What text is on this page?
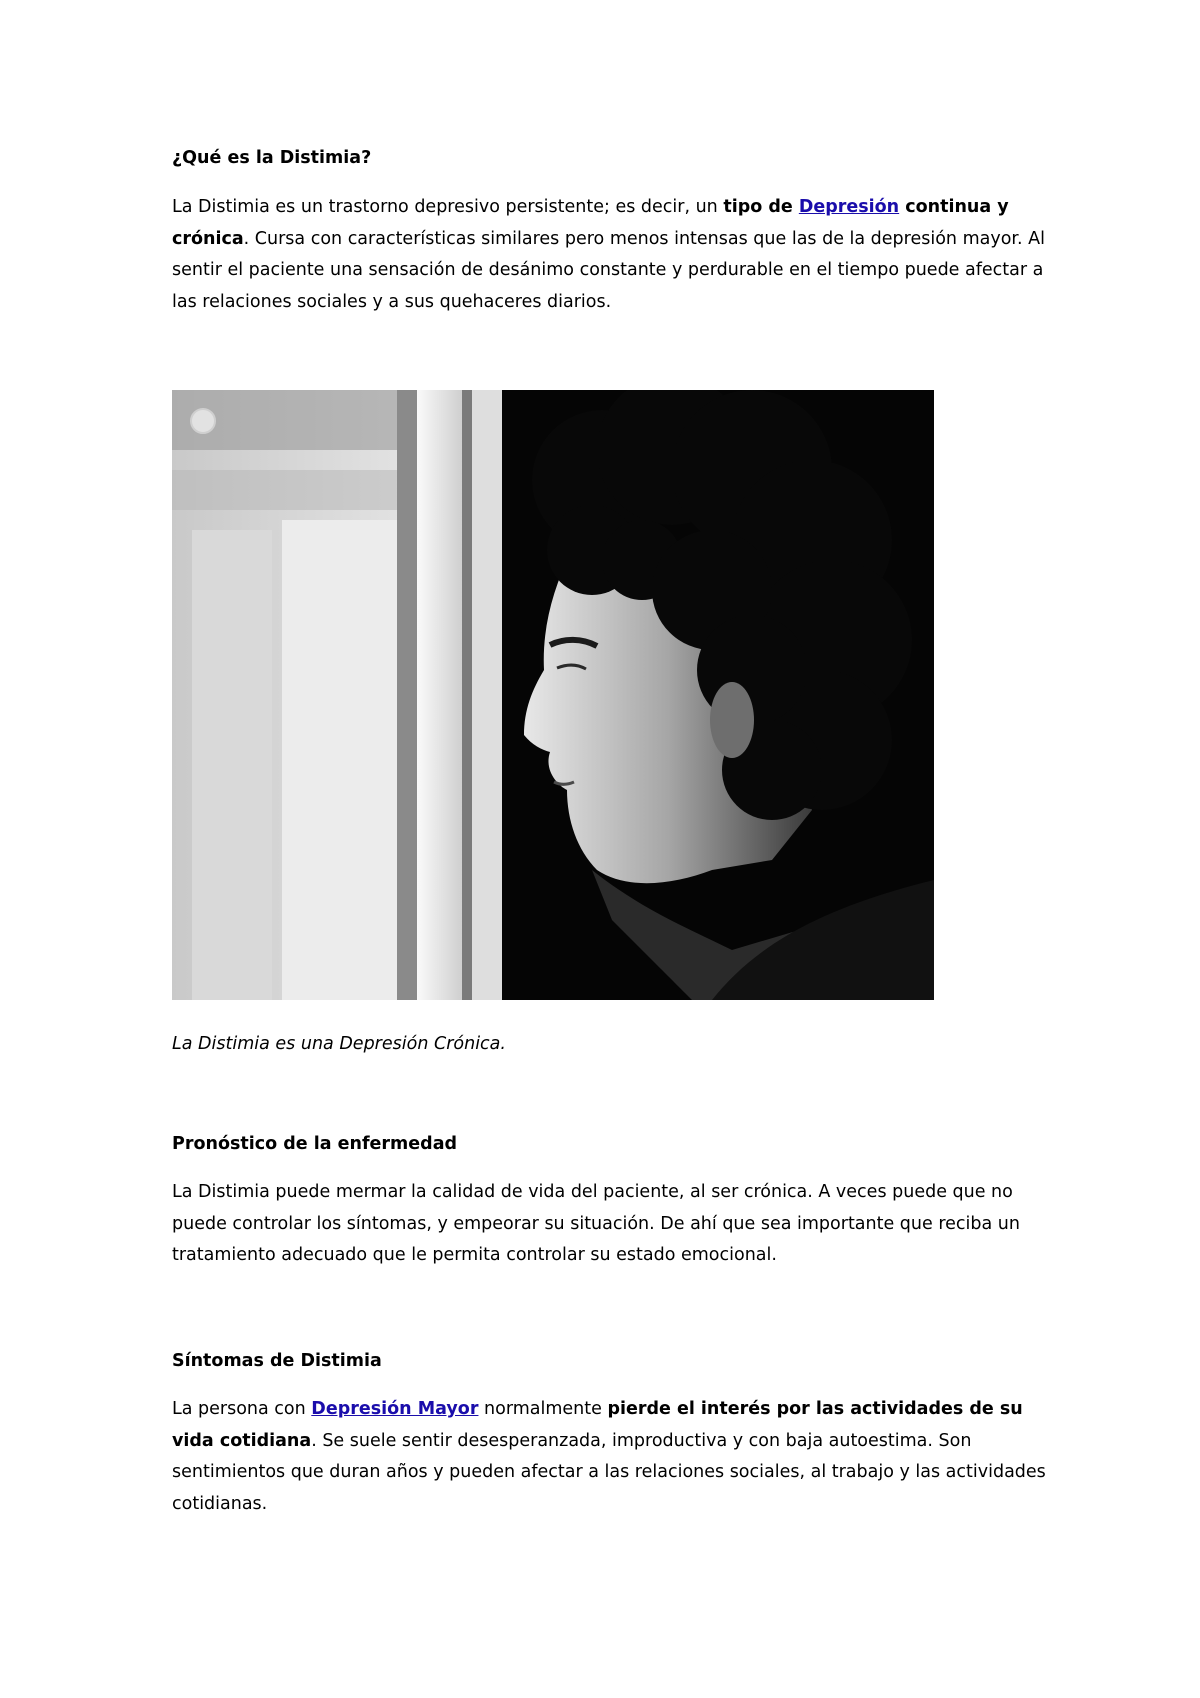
¿Qué es la Distimia?

La Distimia es un trastorno depresivo persistente; es decir, un tipo de Depresión continua y crónica. Cursa con características similares pero menos intensas que las de la depresión mayor. Al sentir el paciente una sensación de desánimo constante y perdurable en el tiempo puede afectar a las relaciones sociales y a sus quehaceres diarios.

La Distimia es una Depresión Crónica.

Pronóstico de la enfermedad

La Distimia puede mermar la calidad de vida del paciente, al ser crónica. A veces puede que no puede controlar los síntomas, y empeorar su situación. De ahí que sea importante que reciba un tratamiento adecuado que le permita controlar su estado emocional.

Síntomas de Distimia

La persona con Depresión Mayor normalmente pierde el interés por las actividades de su vida cotidiana. Se suele sentir desesperanzada, improductiva y con baja autoestima. Son sentimientos que duran años y pueden afectar a las relaciones sociales, al trabajo y las actividades cotidianas.
